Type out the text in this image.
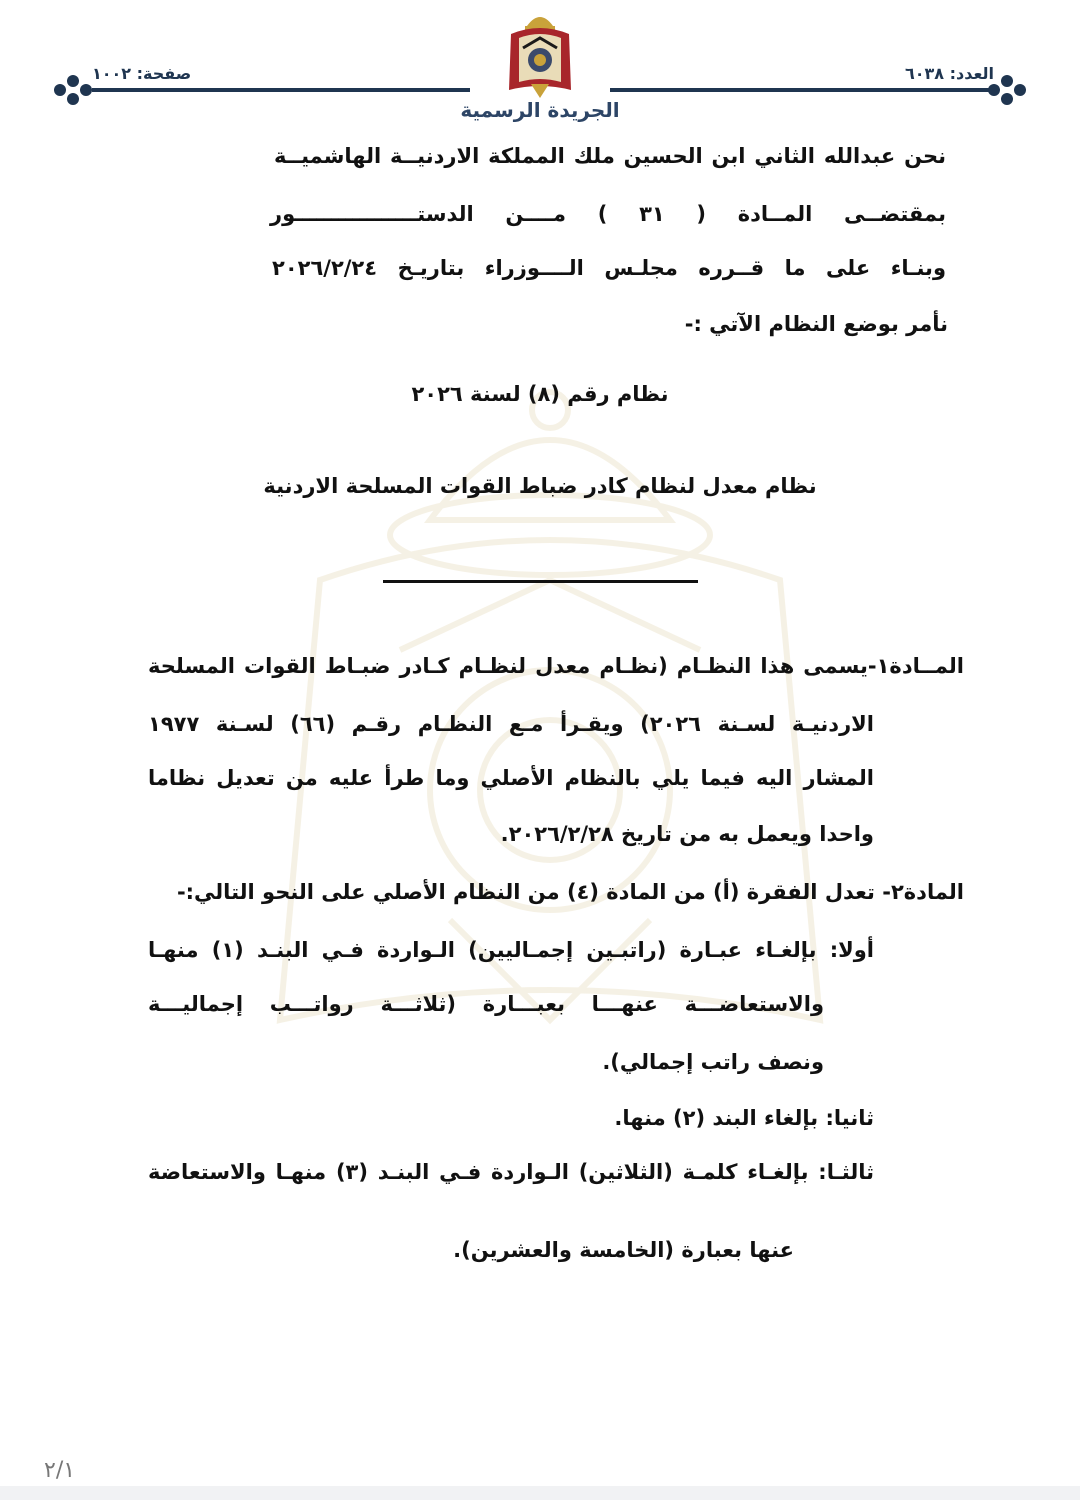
العدد: ٦٠٣٨
صفحة: ١٠٠٢
الجريدة الرسمية
نحن عبدالله الثاني ابن الحسين ملك المملكة الاردنيــة الهاشميــة
بمقتضــى المــادة ( ٣١ ) مــــن الدستـــــــــــــــــور
وبنـاء على ما قــرره مجلـس الــــوزراء بتاريـخ ٢٠٢٦/٢/٢٤
نأمر بوضع النظام الآتي :-
نظام رقم (٨) لسنة ٢٠٢٦
نظام معدل لنظام كادر ضباط القوات المسلحة الاردنية
المــادة١-يسمى هذا النظـام (نظـام معدل لنظـام كـادر ضبـاط القوات المسلحة
الاردنيـة لسـنة ٢٠٢٦) ويقـرأ مـع النظـام رقـم (٦٦) لسـنة ١٩٧٧
المشار اليه فيما يلي بالنظام الأصلي وما طرأ عليه من تعديل نظاما
واحدا ويعمل به من تاريخ ٢٠٢٦/٢/٢٨.
المادة٢- تعدل الفقرة (أ) من المادة (٤) من النظام الأصلي على النحو التالي:-
أولا: بإلغـاء عبـارة (راتبـين إجمـاليين) الـواردة فـي البنـد (١) منهـا
والاستعاضـــة عنهـــا بعبـــارة (ثلاثـــة رواتـــب إجماليـــة
ونصف راتب إجمالي).
ثانيا: بإلغاء البند (٢) منها.
ثالثـا: بإلغـاء كلمـة (الثلاثين) الـواردة فـي البنـد (٣) منهـا والاستعاضة
عنها بعبارة (الخامسة والعشرين).
٢/١
